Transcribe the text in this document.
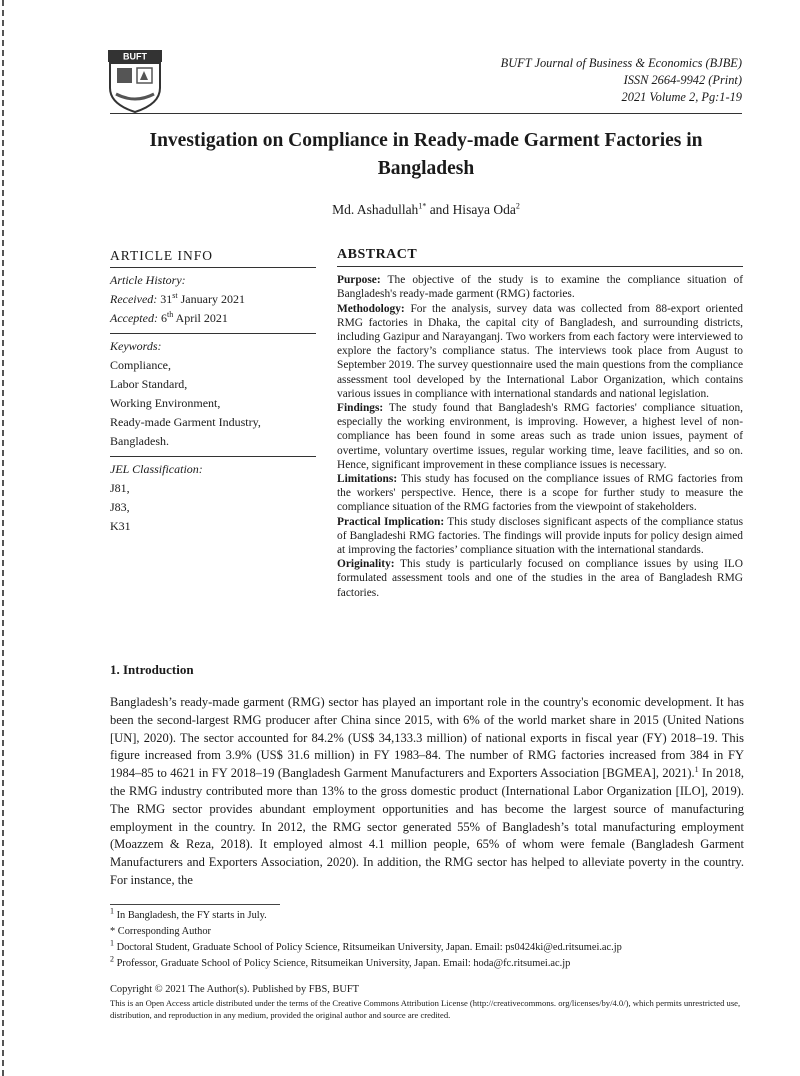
BUFT	BUFT Journal of Business & Economics (BJBE)
ISSN 2664-9942 (Print)
2021 Volume 2, Pg:1-19
Investigation on Compliance in Ready-made Garment Factories in Bangladesh
Md. Ashadullah$^{1*}$ and Hisaya Oda$^2$
ARTICLE INFO
Article History:
Received: 31st January 2021
Accepted: 6th April 2021
Keywords:
Compliance,
Labor Standard,
Working Environment,
Ready-made Garment Industry,
Bangladesh.
JEL Classification:
J81,
J83,
K31
ABSTRACT

Purpose: The objective of the study is to examine the compliance situation of Bangladesh's ready-made garment (RMG) factories.

Methodology: For the analysis, survey data was collected from 88-export oriented RMG factories in Dhaka, the capital city of Bangladesh, and surrounding districts, including Gazipur and Narayanganj. Two workers from each factory were interviewed to explore the factory’s compliance status. The interviews took place from August to September 2019. The survey questionnaire used the main questions from the compliance assessment tool developed by the International Labor Organization, which contains various issues in compliance with international standards and national legislation.

Findings: The study found that Bangladesh's RMG factories' compliance situation, especially the working environment, is improving. However, a highest level of non-compliance has been found in some areas such as trade union issues, payment of overtime, voluntary overtime issues, regular working time, leave facilities, and so on. Hence, significant improvement in these compliance issues is necessary.

Limitations: This study has focused on the compliance issues of RMG factories from the workers' perspective. Hence, there is a scope for further study to measure the compliance situation of the RMG factories from the viewpoint of stakeholders.

Practical Implication: This study discloses significant aspects of the compliance status of Bangladeshi RMG factories. The findings will provide inputs for policy design aimed at improving the factories’ compliance situation with the international standards.

Originality: This study is particularly focused on compliance issues by using ILO formulated assessment tools and one of the studies in the area of Bangladesh RMG factories.

1. Introduction

Bangladesh’s ready-made garment (RMG) sector has played an important role in the country's economic development. It has been the second-largest RMG producer after China since 2015, with 6% of the world market share in 2015 (United Nations [UN], 2020). The sector accounted for 84.2% (US$ 34,133.3 million) of national exports in fiscal year (FY) 2018–19. This figure increased from 3.9% (US$ 31.6 million) in FY 1983–84. The number of RMG factories increased from 384 in FY 1984–85 to 4621 in FY 2018–19 (Bangladesh Garment Manufacturers and Exporters Association [BGMEA], 2021).$^1$ In 2018, the RMG industry contributed more than 13% to the gross domestic product (International Labor Organization [ILO], 2019). The RMG sector provides abundant employment opportunities and has become the largest source of manufacturing employment in the country. In 2012, the RMG sector generated 55% of Bangladesh’s total manufacturing employment (Moazzem & Reza, 2018). It employed almost 4.1 million people, 65% of whom were female (Bangladesh Garment Manufacturers and Exporters Association, 2020). In addition, the RMG sector has helped to alleviate poverty in the country. For instance, the

$^1$ In Bangladesh, the FY starts in July.
* Corresponding Author
$^1$ Doctoral Student, Graduate School of Policy Science, Ritsumeikan University, Japan. Email: ps0424ki@ed.ritsumei.ac.jp
$^2$ Professor, Graduate School of Policy Science, Ritsumeikan University, Japan. Email: hoda@fc.ritsumei.ac.jp
Copyright © 2021 The Author(s). Published by FBS, BUFT
This is an Open Access article distributed under the terms of the Creative Commons Attribution License (http://creativecommons. org/licenses/by/4.0/), which permits unrestricted use, distribution, and reproduction in any medium, provided the original author and source are credited.
